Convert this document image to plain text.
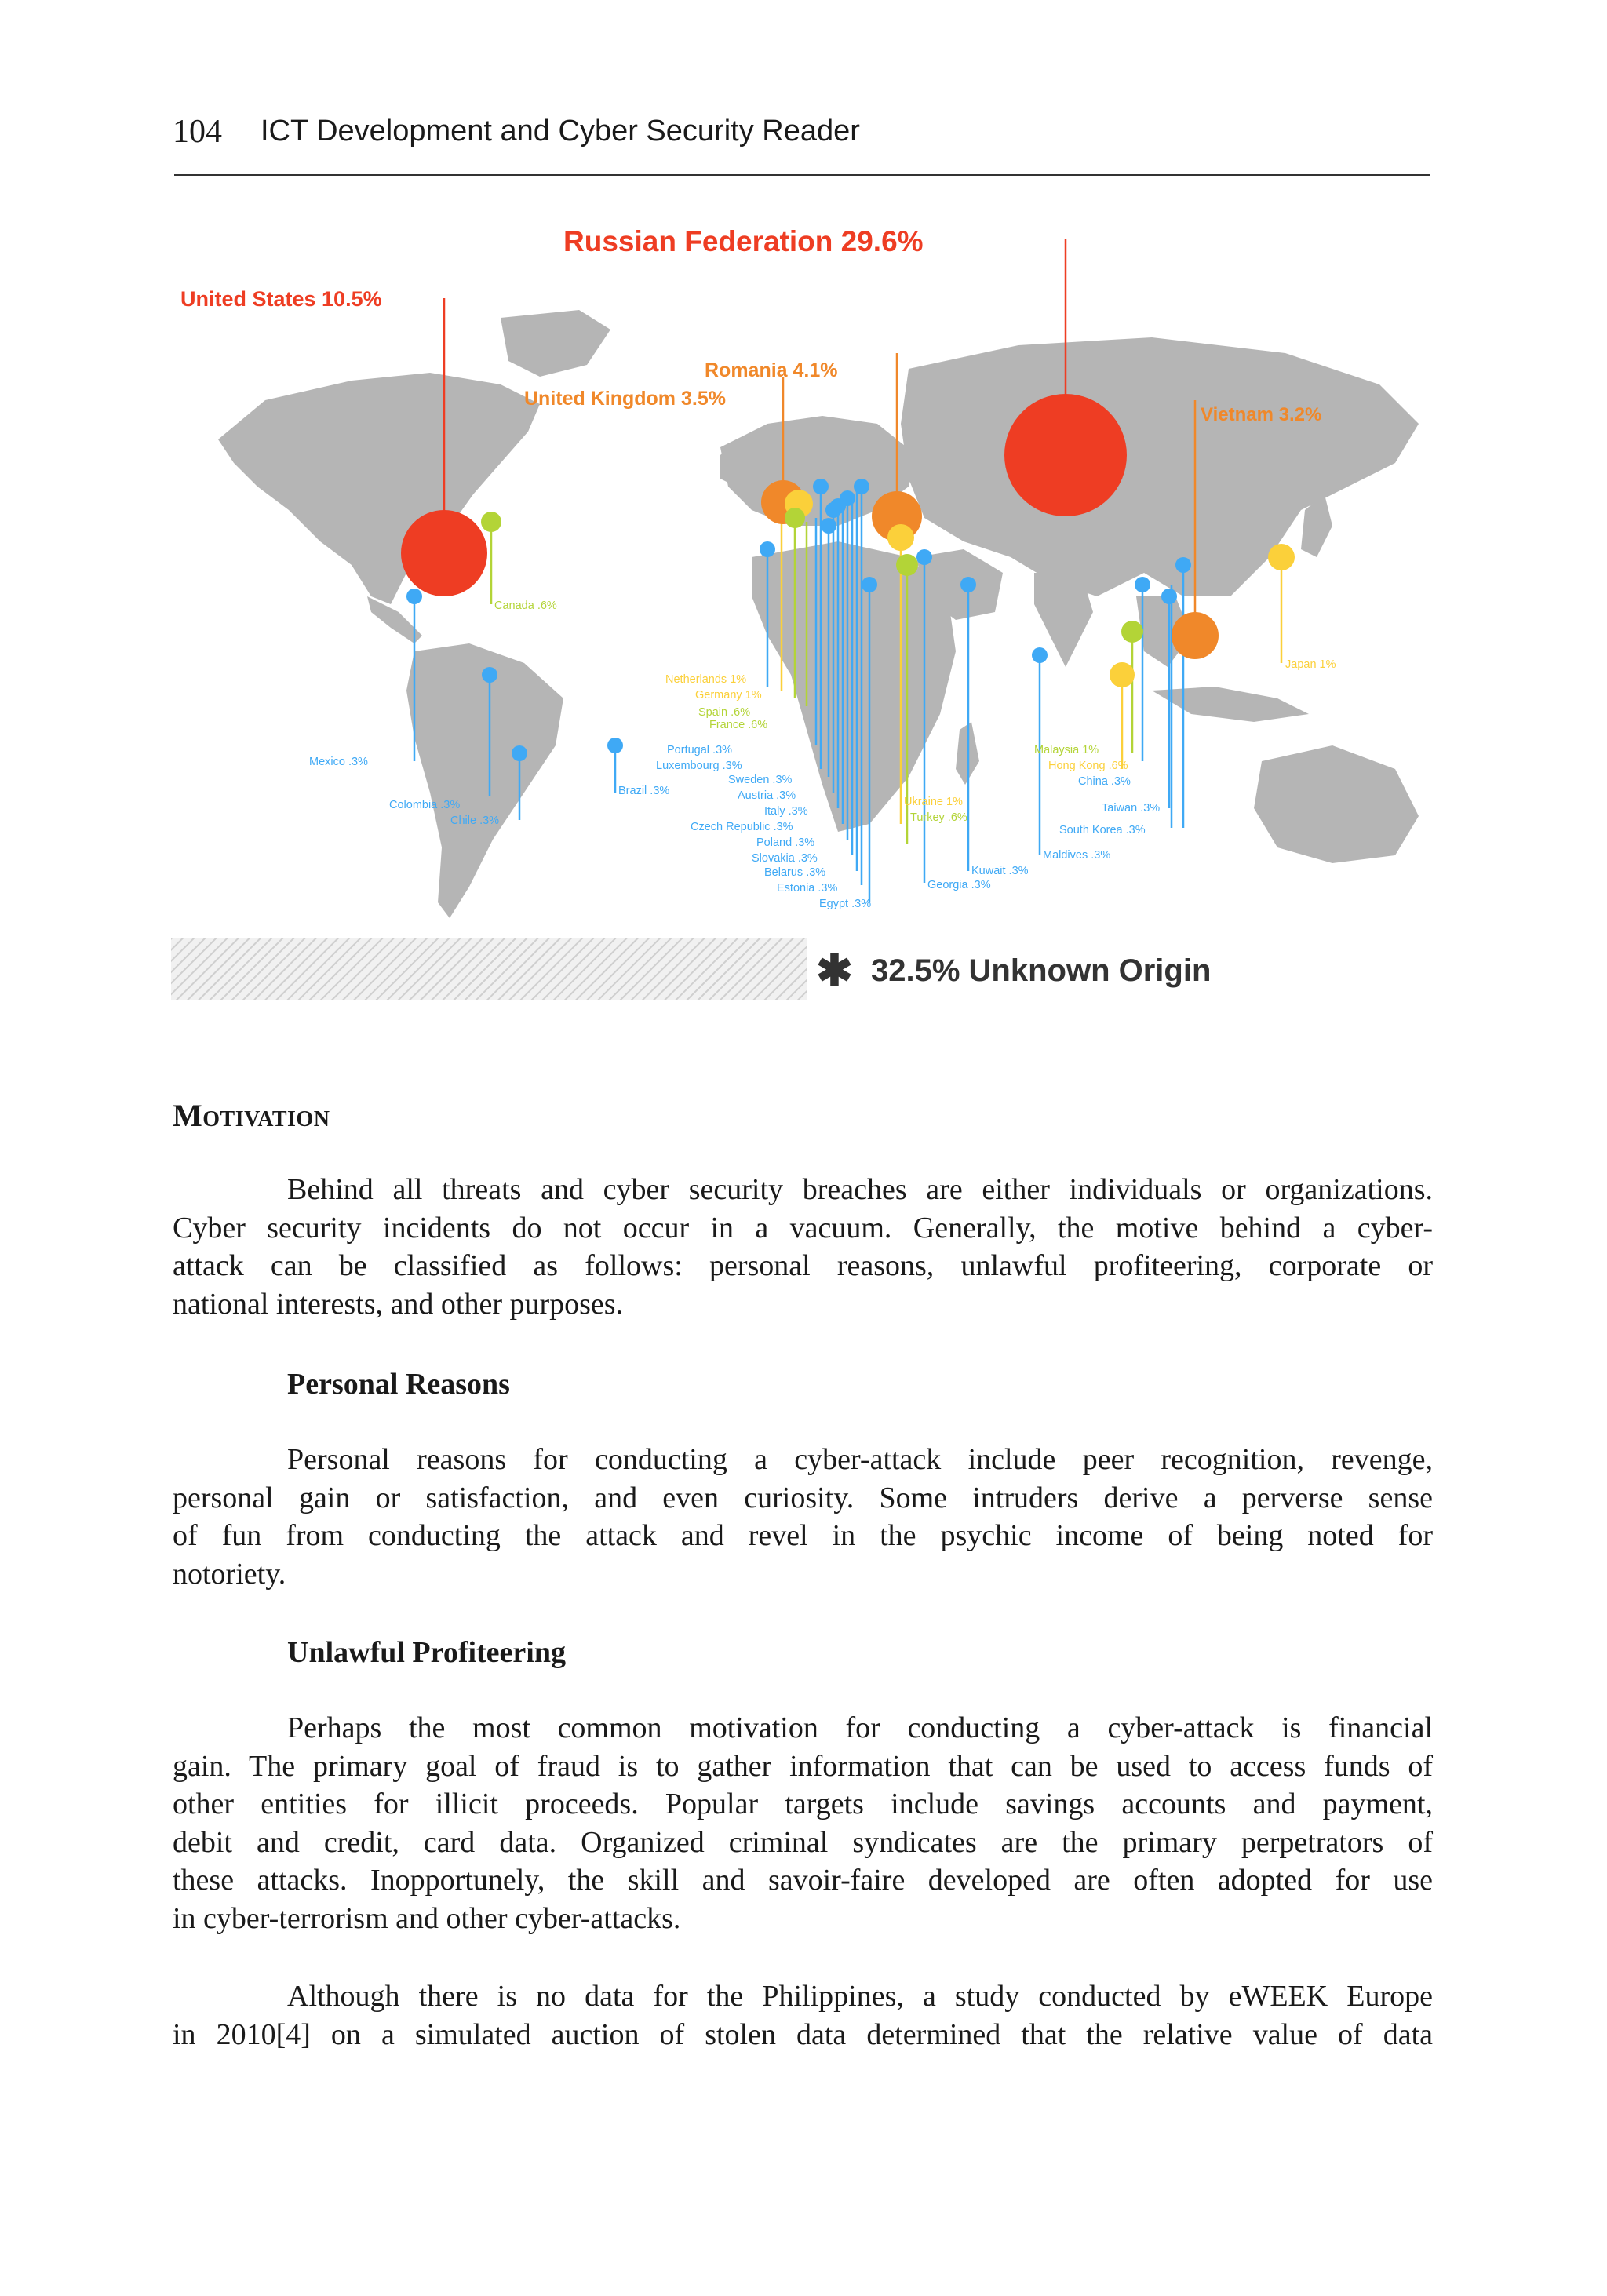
104 ICT Development and Cyber Security Reader
Russian Federation 29.6%
United States 10.5%
Romania 4.1%
United Kingdom 3.5%
Vietnam 3.2%
Canada .6%
Japan 1%
Mexico .3%
Colombia .3%
Chile .3%
Brazil .3%
Netherlands 1%
Germany 1%
Spain .6%
France .6%
Portugal .3%
Luxembourg .3%
Sweden .3%
Austria .3%
Italy .3%
Czech Republic .3%
Poland .3%
Slovakia .3%
Belarus .3%
Estonia .3%
Egypt .3%
Ukraine 1%
Turkey .6%
Kuwait .3%
Georgia .3%
Maldives .3%
Malaysia 1%
Hong Kong .6%
China .3%
Taiwan .3%
South Korea .3%
✱ 32.5% Unknown Origin
Motivation
Behind all threats and cyber security breaches are either individuals or organizations.
Cyber security incidents do not occur in a vacuum. Generally, the motive behind a cyber-
attack can be classified as follows: personal reasons, unlawful profiteering, corporate or
national interests, and other purposes.
Personal Reasons
Personal reasons for conducting a cyber-attack include peer recognition, revenge,
personal gain or satisfaction, and even curiosity. Some intruders derive a perverse sense
of fun from conducting the attack and revel in the psychic income of being noted for
notoriety.
Unlawful Profiteering
Perhaps the most common motivation for conducting a cyber-attack is financial
gain. The primary goal of fraud is to gather information that can be used to access funds of
other entities for illicit proceeds. Popular targets include savings accounts and payment,
debit and credit, card data. Organized criminal syndicates are the primary perpetrators of
these attacks. Inopportunely, the skill and savoir-faire developed are often adopted for use
in cyber-terrorism and other cyber-attacks.
Although there is no data for the Philippines, a study conducted by eWEEK Europe
in 2010[4] on a simulated auction of stolen data determined that the relative value of data
